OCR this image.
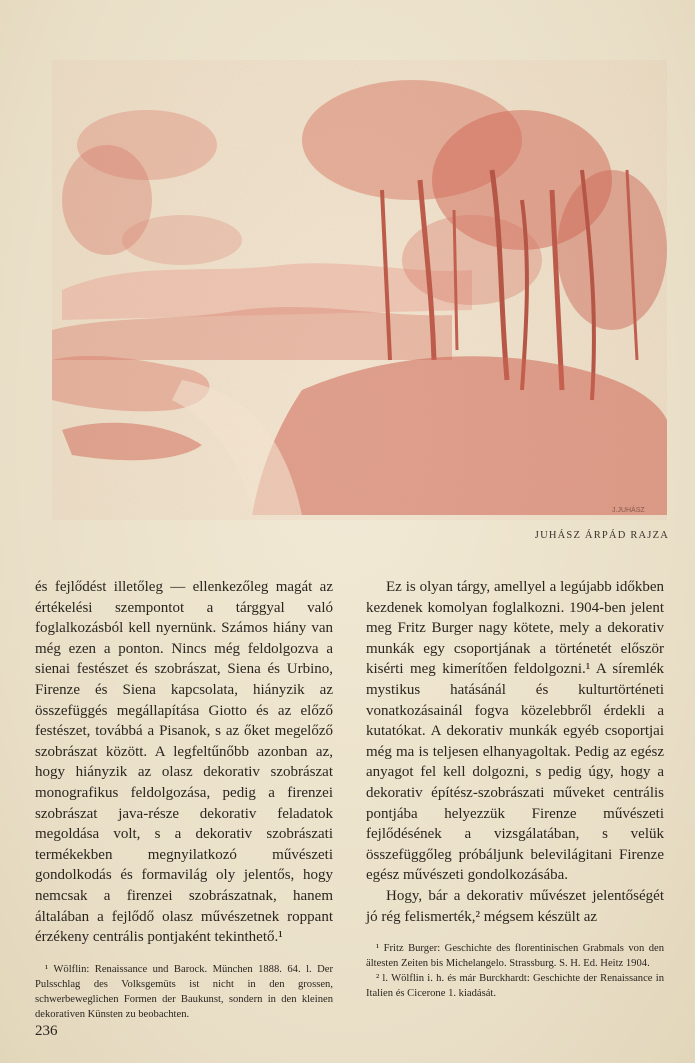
J.JUHÁSZ
JUHÁSZ ÁRPÁD RAJZA

és fejlődést illetőleg — ellenkezőleg magát az értékelési szempontot a tárggyal való foglalkozásból kell nyernünk. Számos hiány van még ezen a ponton. Nincs még feldolgozva a sienai festészet és szobrászat, Siena és Urbino, Firenze és Siena kapcsolata, hiányzik az összefüggés megállapítása Giotto és az előző festészet, továbbá a Pisanok, s az őket megelőző szobrászat között. A legfeltűnőbb azonban az, hogy hiányzik az olasz dekorativ szobrászat monografikus feldolgozása, pedig a firenzei szobrászat java-része dekorativ feladatok megoldása volt, s a dekorativ szobrászati termékekben megnyilatkozó művészeti gondolkodás és formavilág oly jelentős, hogy nemcsak a firenzei szobrászatnak, hanem általában a fejlődő olasz művészetnek roppant érzékeny centrális pontjaként tekinthető.¹

¹ Wölflin: Renaissance und Barock. München 1888. 64. l. Der Pulsschlag des Volksgemüts ist nicht in den grossen, schwerbeweglichen Formen der Baukunst, sondern in den kleinen dekorativen Künsten zu beobachten.

Ez is olyan tárgy, amellyel a legújabb időkben kezdenek komolyan foglalkozni. 1904-ben jelent meg Fritz Burger nagy kötete, mely a dekorativ munkák egy csoportjának a történetét először kisérti meg kimerítően feldolgozni.¹ A síremlék mystikus hatásánál és kulturtörténeti vonatkozásainál fogva közelebbről érdekli a kutatókat. A dekorativ munkák egyéb csoportjai még ma is teljesen elhanyagoltak. Pedig az egész anyagot fel kell dolgozni, s pedig úgy, hogy a dekorativ építész-szobrászati műveket centrális pontjába helyezzük Firenze művészeti fejlődésének a vizsgálatában, s velük összefüggőleg próbáljunk belevilágitani Firenze egész művészeti gondolkozásába.

Hogy, bár a dekorativ művészet jelentőségét jó rég felismerték,² mégsem készült az

¹ Fritz Burger: Geschichte des florentinischen Grabmals von den ältesten Zeiten bis Michelangelo. Strassburg. S. H. Ed. Heitz 1904.

² l. Wölflin i. h. és már Burckhardt: Geschichte der Renaissance in Italien és Cicerone 1. kiadását.

236
